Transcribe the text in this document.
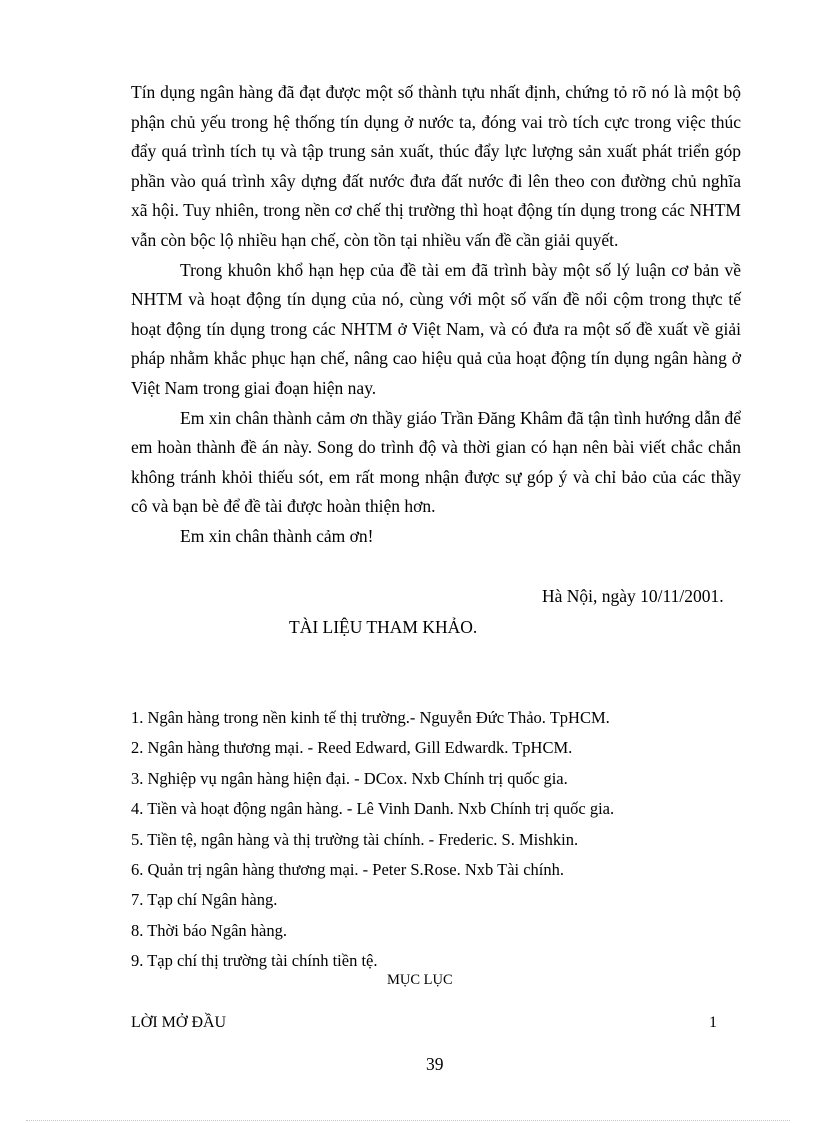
Tín dụng ngân hàng đã đạt được một số thành tựu nhất định, chứng tỏ rõ nó là một bộ phận chủ yếu trong hệ thống tín dụng ở nước ta, đóng vai trò tích cực trong việc thúc đẩy quá trình tích tụ và tập trung sản xuất, thúc đẩy lực lượng sản xuất phát triển góp phần vào quá trình xây dựng đất nước đưa đất nước đi lên theo con đường chủ nghĩa xã hội. Tuy nhiên, trong nền cơ chế thị trường thì hoạt động tín dụng trong các NHTM vẫn còn bộc lộ nhiều hạn chế, còn tồn tại nhiều vấn đề cần giải quyết.

Trong khuôn khổ hạn hẹp của đề tài em đã trình bày một số lý luận cơ bản về NHTM và hoạt động tín dụng của nó, cùng với một số vấn đề nổi cộm trong thực tế hoạt động tín dụng trong các NHTM ở Việt Nam, và có đưa ra một số đề xuất về giải pháp nhằm khắc phục hạn chế, nâng cao hiệu quả của hoạt động tín dụng ngân hàng ở Việt Nam trong giai đoạn hiện nay.

Em xin chân thành cảm ơn thầy giáo Trần Đăng Khâm đã tận tình hướng dẫn để em hoàn thành đề án này. Song do trình độ và thời gian có hạn nên bài viết chắc chắn không tránh khỏi thiếu sót, em rất mong nhận được sự góp ý và chỉ bảo của các thầy cô và bạn bè để đề tài được hoàn thiện hơn.

Em xin chân thành cảm ơn!

Hà Nội, ngày 10/11/2001.
TÀI LIỆU THAM KHẢO.
1. Ngân hàng trong nền kinh tế thị trường.- Nguyễn Đức Thảo. TpHCM.
2. Ngân hàng thương mại. - Reed Edward, Gill Edwardk. TpHCM.
3. Nghiệp vụ ngân hàng hiện đại. - DCox. Nxb Chính trị quốc gia.
4. Tiền và hoạt động ngân hàng. - Lê Vinh Danh. Nxb Chính trị quốc gia.
5. Tiền tệ, ngân hàng và thị trường tài chính. - Frederic. S. Mishkin.
6. Quản trị ngân hàng thương mại. - Peter S.Rose. Nxb Tài chính.
7. Tạp chí Ngân hàng.
8. Thời báo Ngân hàng.
9. Tạp chí thị trường tài chính tiền tệ.
MỤC LỤC
LỜI MỞ ĐẦU	1
39
